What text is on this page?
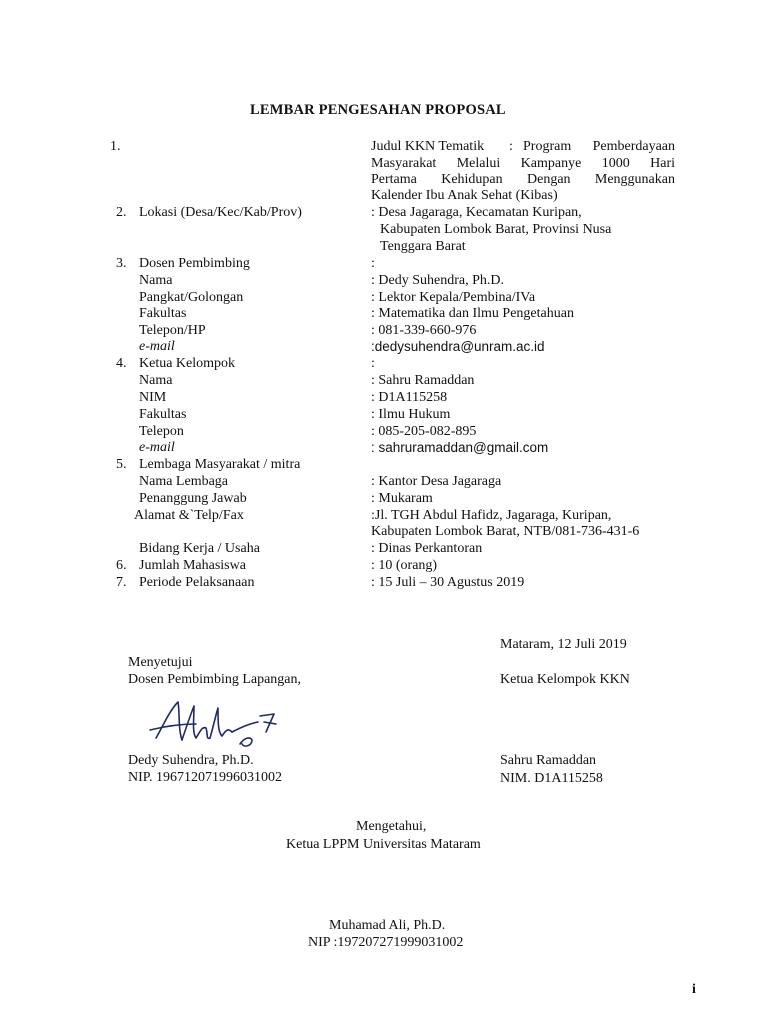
LEMBAR PENGESAHAN PROPOSAL
1.	Judul KKN Tematik : Program Pemberdayaan
Masyarakat Melalui Kampanye 1000 Hari
Pertama Kehidupan Dengan Menggunakan
Kalender Ibu Anak Sehat (Kibas)
2. Lokasi (Desa/Kec/Kab/Prov)	: Desa Jagaraga, Kecamatan Kuripan,
Kabupaten Lombok Barat, Provinsi Nusa
Tenggara Barat
3. Dosen Pembimbing	:
Nama	: Dedy Suhendra, Ph.D.
Pangkat/Golongan	: Lektor Kepala/Pembina/IVa
Fakultas	: Matematika dan Ilmu Pengetahuan
Telepon/HP	: 081-339-660-976
e-mail	:dedysuhendra@unram.ac.id
4. Ketua Kelompok	:
Nama	: Sahru Ramaddan
NIM	: D1A115258
Fakultas	: Ilmu Hukum
Telepon	: 085-205-082-895
e-mail	: sahruramaddan@gmail.com
5. Lembaga Masyarakat / mitra
Nama Lembaga	: Kantor Desa Jagaraga
Penanggung Jawab	: Mukaram
Alamat &`Telp/Fax	:Jl. TGH Abdul Hafidz, Jagaraga, Kuripan,
Kabupaten Lombok Barat, NTB/081-736-431-6
Bidang Kerja / Usaha	: Dinas Perkantoran
6. Jumlah Mahasiswa	: 10 (orang)
7. Periode Pelaksanaan	: 15 Juli – 30 Agustus 2019
Mataram, 12 Juli 2019
Menyetujui
Dosen Pembimbing Lapangan,	Ketua Kelompok KKN
Dedy Suhendra, Ph.D.
NIP. 196712071996031002
Sahru Ramaddan
NIM. D1A115258
Mengetahui,
Ketua LPPM Universitas Mataram
Muhamad Ali, Ph.D.
NIP :197207271999031002
i
